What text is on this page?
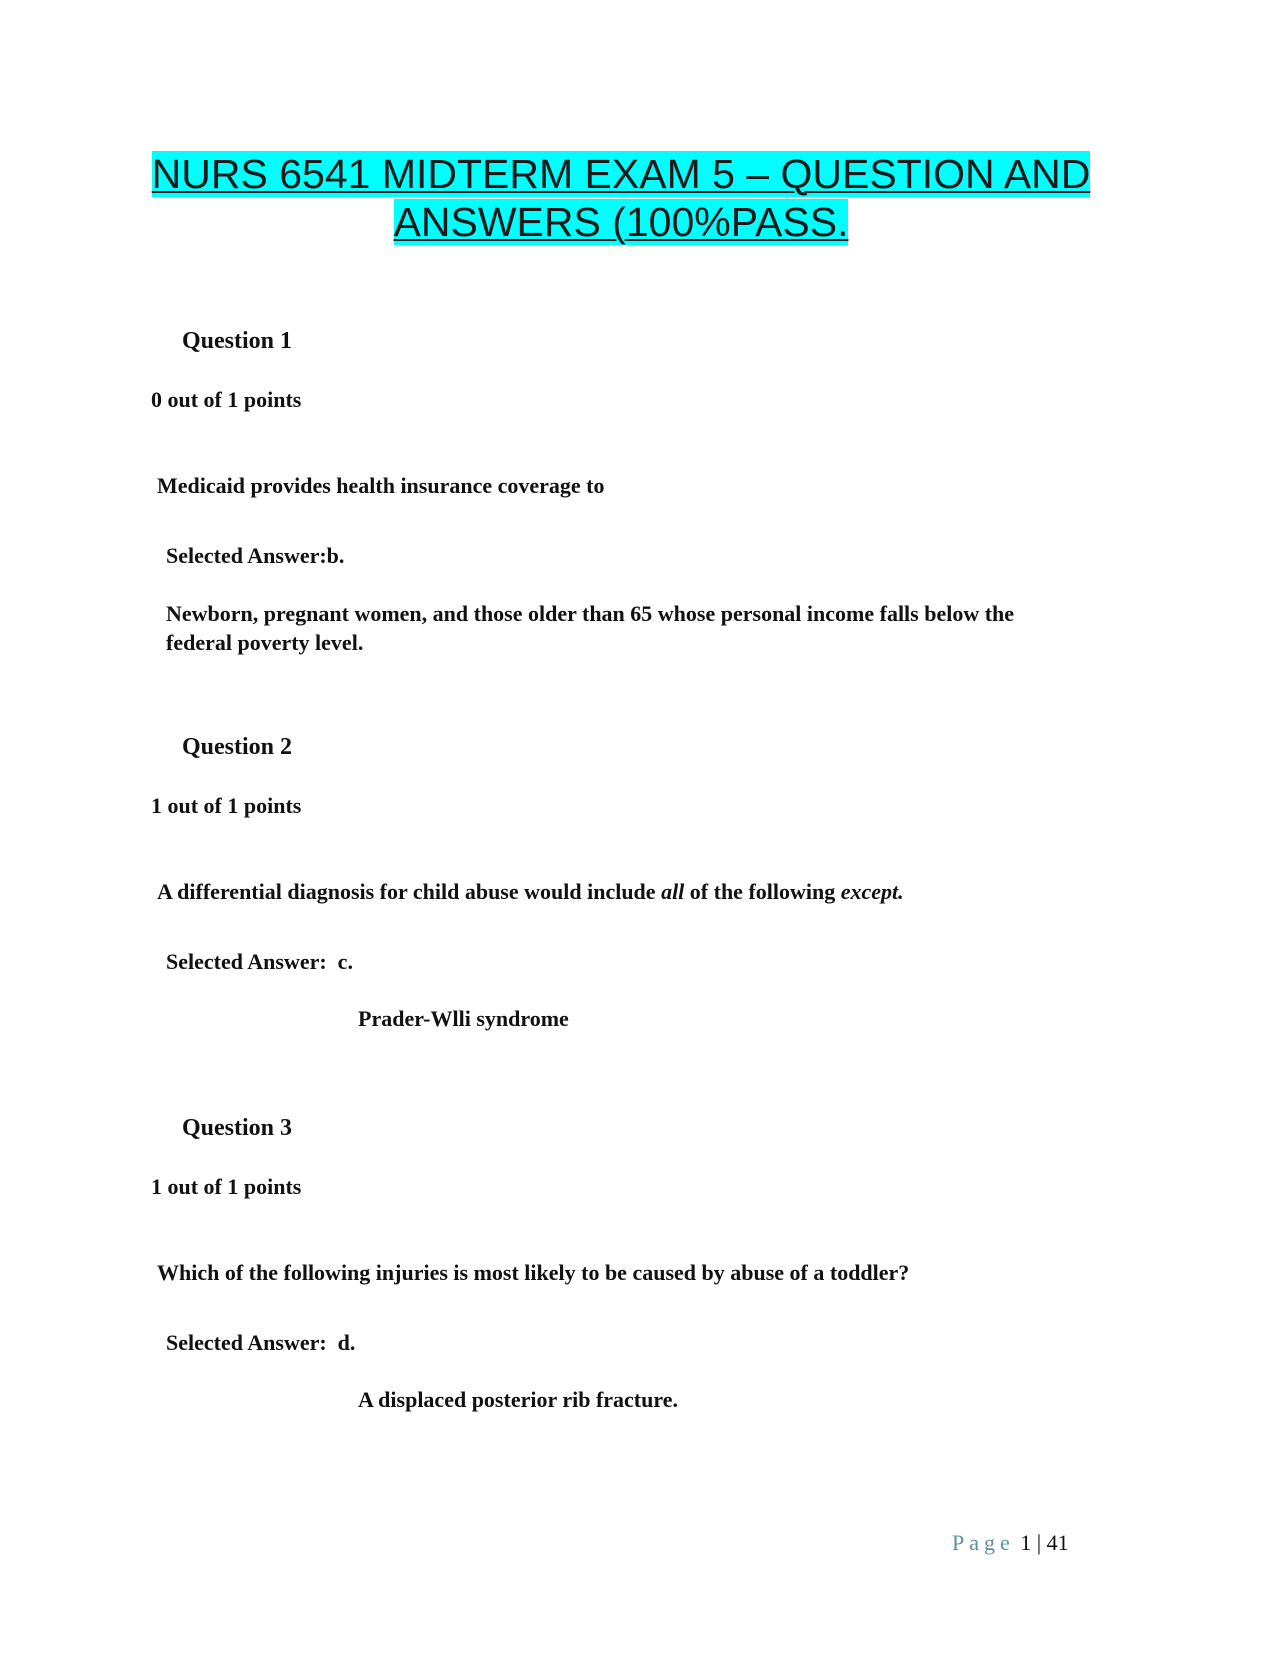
NURS 6541 MIDTERM EXAM 5 – QUESTION AND
ANSWERS (100%PASS.
Question 1
0 out of 1 points
Medicaid provides health insurance coverage to
Selected Answer:b.
Newborn, pregnant women, and those older than 65 whose personal income falls below the federal poverty level.
Question 2
1 out of 1 points
A differential diagnosis for child abuse would include all of the following except.
Selected Answer:  c.
Prader-Wlli syndrome
Question 3
1 out of 1 points
Which of the following injuries is most likely to be caused by abuse of a toddler?
Selected Answer:  d.
A displaced posterior rib fracture.
Page 1 | 41
